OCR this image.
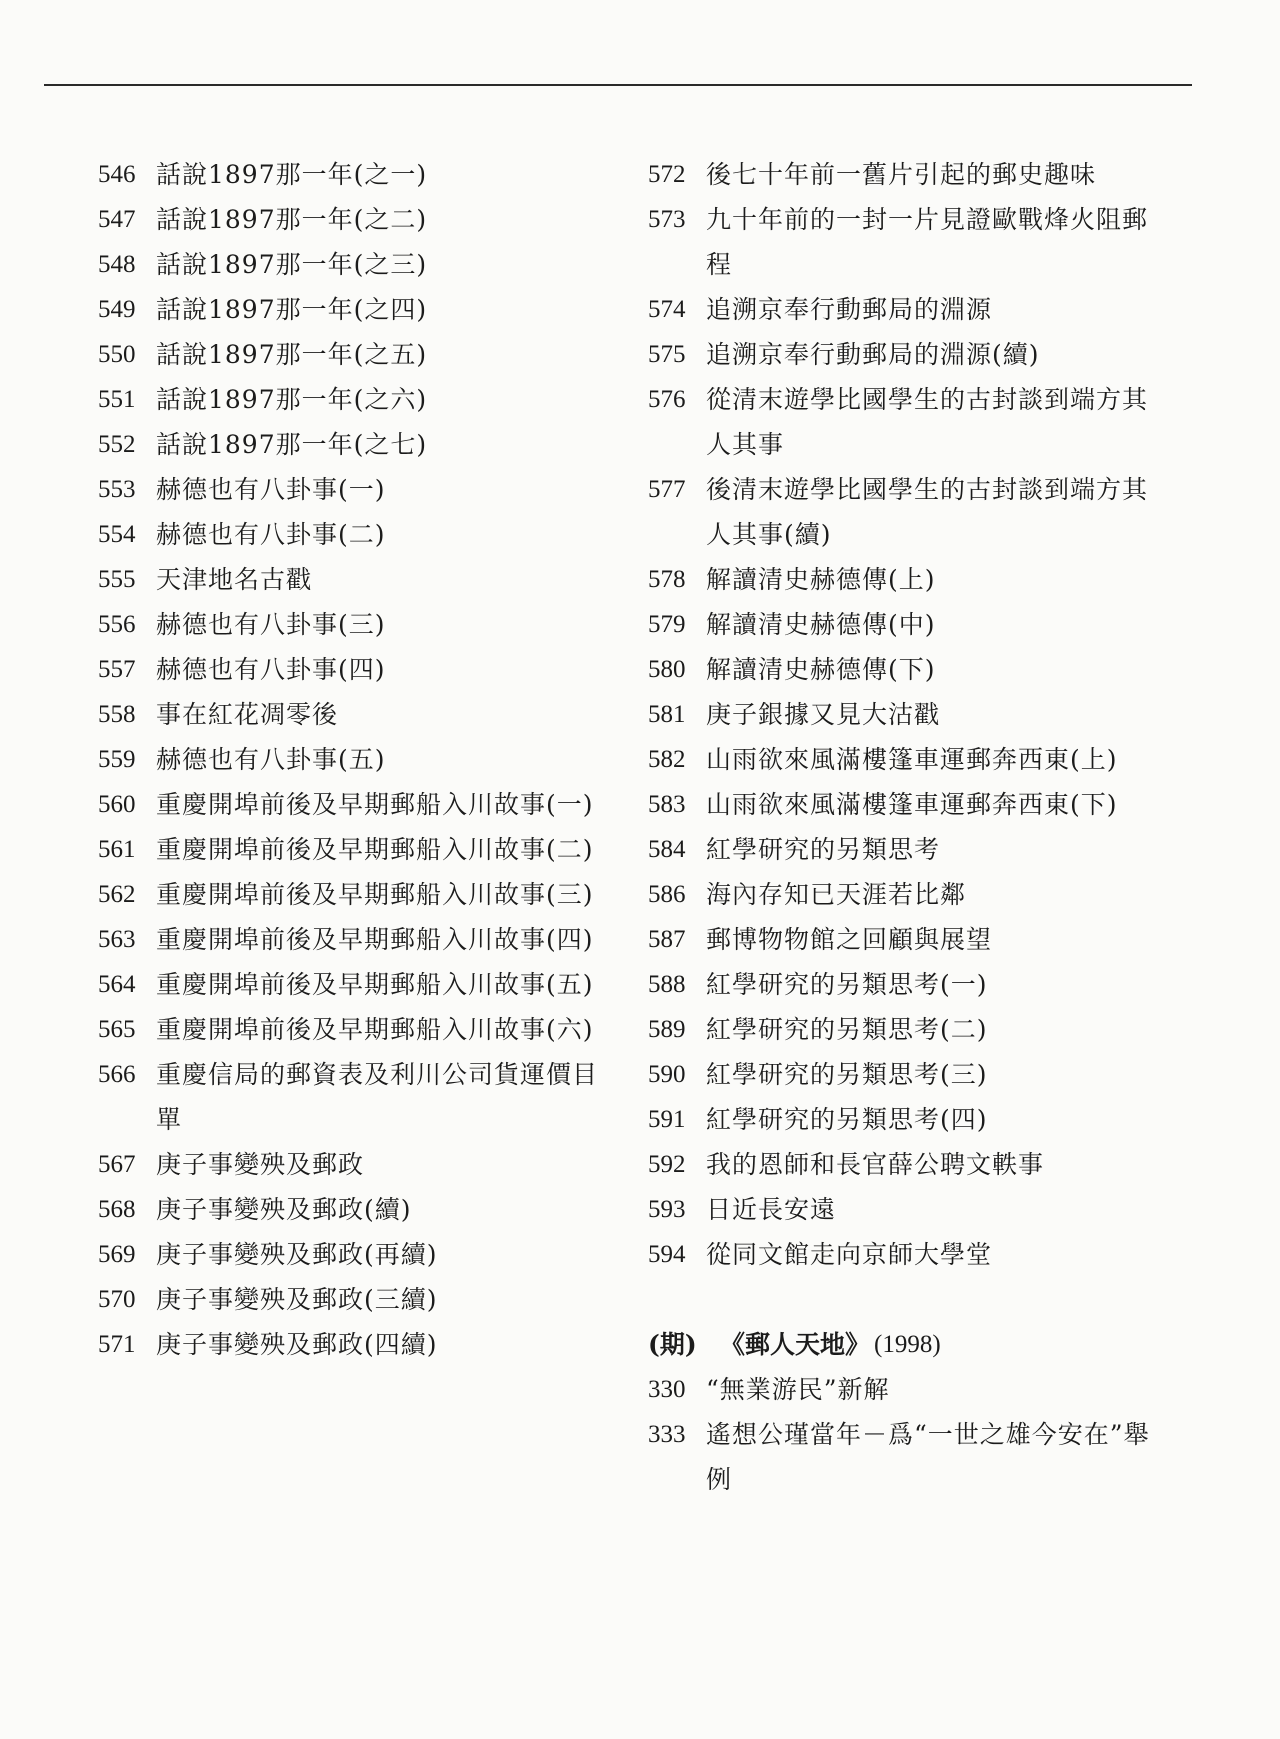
546 話說1897那一年(之一)
547 話說1897那一年(之二)
548 話說1897那一年(之三)
549 話說1897那一年(之四)
550 話說1897那一年(之五)
551 話說1897那一年(之六)
552 話說1897那一年(之七)
553 赫德也有八卦事(一)
554 赫德也有八卦事(二)
555 天津地名古戳
556 赫德也有八卦事(三)
557 赫德也有八卦事(四)
558 事在紅花凋零後
559 赫德也有八卦事(五)
560 重慶開埠前後及早期郵船入川故事(一)
561 重慶開埠前後及早期郵船入川故事(二)
562 重慶開埠前後及早期郵船入川故事(三)
563 重慶開埠前後及早期郵船入川故事(四)
564 重慶開埠前後及早期郵船入川故事(五)
565 重慶開埠前後及早期郵船入川故事(六)
566 重慶信局的郵資表及利川公司貨運價目單
567 庚子事變殃及郵政
568 庚子事變殃及郵政(續)
569 庚子事變殃及郵政(再續)
570 庚子事變殃及郵政(三續)
571 庚子事變殃及郵政(四續)
572 後七十年前一舊片引起的郵史趣味
573 九十年前的一封一片見證歐戰烽火阻郵程
574 追溯京奉行動郵局的淵源
575 追溯京奉行動郵局的淵源(續)
576 從清末遊學比國學生的古封談到端方其人其事
577 後清末遊學比國學生的古封談到端方其人其事(續)
578 解讀清史赫德傳(上)
579 解讀清史赫德傳(中)
580 解讀清史赫德傳(下)
581 庚子銀據又見大沽戳
582 山雨欲來風滿樓篷車運郵奔西東(上)
583 山雨欲來風滿樓篷車運郵奔西東(下)
584 紅學研究的另類思考
586 海內存知已天涯若比鄰
587 郵博物物館之回顧與展望
588 紅學研究的另類思考(一)
589 紅學研究的另類思考(二)
590 紅學研究的另類思考(三)
591 紅學研究的另類思考(四)
592 我的恩師和長官薛公聘文軼事
593 日近長安遠
594 從同文館走向京師大學堂
(期) 《郵人天地》 (1998)
330 “無業游民”新解
333 遙想公瑾當年－爲“一世之雄今安在”舉例
